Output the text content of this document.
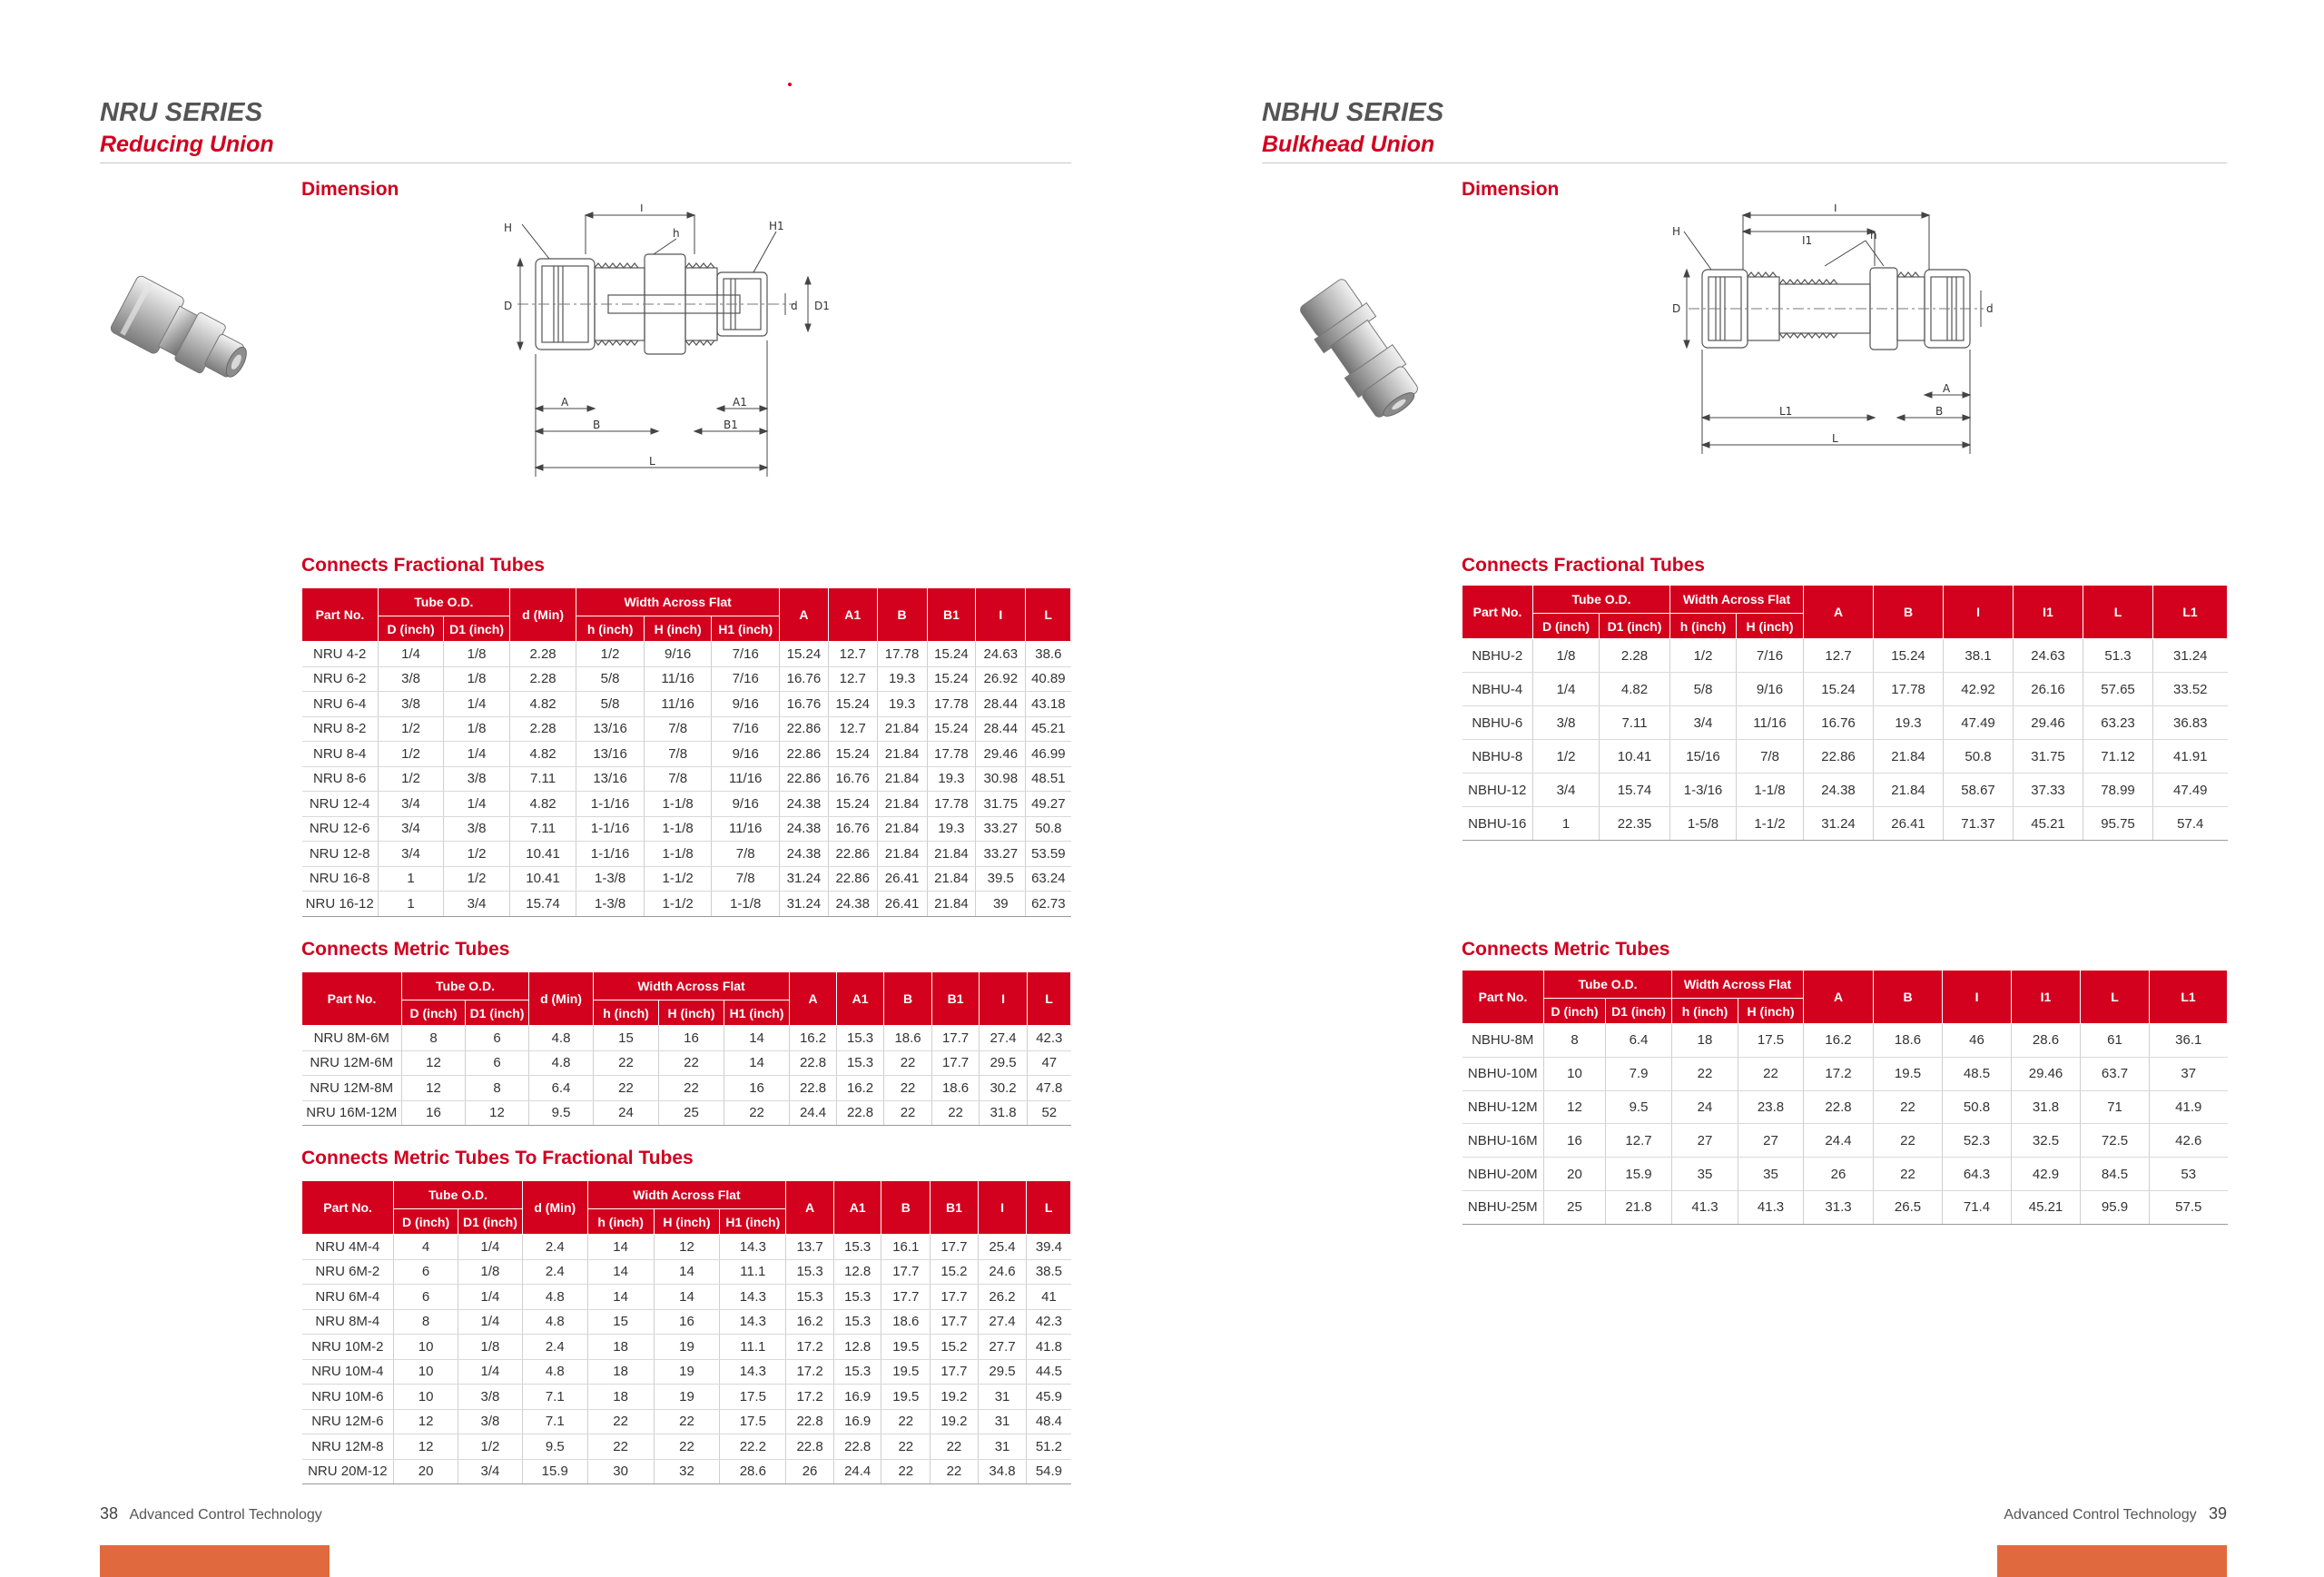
NRU SERIES
Reducing Union
Dimension
H
I
h
H1
D	d D1
A
B
A1
B1
L
Connects Fractional Tubes
Part No.	Tube O.D.		d (Min)	Width Across Flat			A	A1	B	B1	I	L
	D (inch)	D1 (inch)		h (inch)	H (inch)	H1 (inch)						
NRU 4-2	1/4	1/8	2.28	1/2	9/16	7/16	15.24	12.7	17.78	15.24	24.63	38.6
NRU 6-2	3/8	1/8	2.28	5/8	11/16	7/16	16.76	12.7	19.3	15.24	26.92	40.89
NRU 6-4	3/8	1/4	4.82	5/8	11/16	9/16	16.76	15.24	19.3	17.78	28.44	43.18
NRU 8-2	1/2	1/8	2.28	13/16	7/8	7/16	22.86	12.7	21.84	15.24	28.44	45.21
NRU 8-4	1/2	1/4	4.82	13/16	7/8	9/16	22.86	15.24	21.84	17.78	29.46	46.99
NRU 8-6	1/2	3/8	7.11	13/16	7/8	11/16	22.86	16.76	21.84	19.3	30.98	48.51
NRU 12-4	3/4	1/4	4.82	1-1/16	1-1/8	9/16	24.38	15.24	21.84	17.78	31.75	49.27
NRU 12-6	3/4	3/8	7.11	1-1/16	1-1/8	11/16	24.38	16.76	21.84	19.3	33.27	50.8
NRU 12-8	3/4	1/2	10.41	1-1/16	1-1/8	7/8	24.38	22.86	21.84	21.84	33.27	53.59
NRU 16-8	1	1/2	10.41	1-3/8	1-1/2	7/8	31.24	22.86	26.41	21.84	39.5	63.24
NRU 16-12	1	3/4	15.74	1-3/8	1-1/2	1-1/8	31.24	24.38	26.41	21.84	39	62.73
Connects Metric Tubes
Part No.	Tube O.D.		d (Min)	Width Across Flat			A	A1	B	B1	I	L
	D (inch)	D1 (inch)		h (inch)	H (inch)	H1 (inch)						
NRU 8M-6M	8	6	4.8	15	16	14	16.2	15.3	18.6	17.7	27.4	42.3
NRU 12M-6M	12	6	4.8	22	22	14	22.8	15.3	22	17.7	29.5	47
NRU 12M-8M	12	8	6.4	22	22	16	22.8	16.2	22	18.6	30.2	47.8
NRU 16M-12M	16	12	9.5	24	25	22	24.4	22.8	22	22	31.8	52
Connects Metric Tubes To Fractional Tubes
Part No.	Tube O.D.		d (Min)	Width Across Flat			A	A1	B	B1	I	L
	D (inch)	D1 (inch)		h (inch)	H (inch)	H1 (inch)						
NRU 4M-4	4	1/4	2.4	14	12	14.3	13.7	15.3	16.1	17.7	25.4	39.4
NRU 6M-2	6	1/8	2.4	14	14	11.1	15.3	12.8	17.7	15.2	24.6	38.5
NRU 6M-4	6	1/4	4.8	14	14	14.3	15.3	15.3	17.7	17.7	26.2	41
NRU 8M-4	8	1/4	4.8	15	16	14.3	16.2	15.3	18.6	17.7	27.4	42.3
NRU 10M-2	10	1/8	2.4	18	19	11.1	17.2	12.8	19.5	15.2	27.7	41.8
NRU 10M-4	10	1/4	4.8	18	19	14.3	17.2	15.3	19.5	17.7	29.5	44.5
NRU 10M-6	10	3/8	7.1	18	19	17.5	17.2	16.9	19.5	19.2	31	45.9
NRU 12M-6	12	3/8	7.1	22	22	17.5	22.8	16.9	22	19.2	31	48.4
NRU 12M-8	12	1/2	9.5	22	22	22.2	22.8	22.8	22	22	31	51.2
NRU 20M-12	20	3/4	15.9	30	32	28.6	26	24.4	22	22	34.8	54.9
38 Advanced Control Technology
NBHU SERIES
Bulkhead Union
Dimension
H
I
I1	h
D	d
A
B
L1
L
Connects Fractional Tubes
Part No.	Tube O.D.		Width Across Flat		A	B	I	I1	L	L1
	D (inch)	D1 (inch)	h (inch)	H (inch)						
NBHU-2	1/8	2.28	1/2	7/16	12.7	15.24	38.1	24.63	51.3	31.24
NBHU-4	1/4	4.82	5/8	9/16	15.24	17.78	42.92	26.16	57.65	33.52
NBHU-6	3/8	7.11	3/4	11/16	16.76	19.3	47.49	29.46	63.23	36.83
NBHU-8	1/2	10.41	15/16	7/8	22.86	21.84	50.8	31.75	71.12	41.91
NBHU-12	3/4	15.74	1-3/16	1-1/8	24.38	21.84	58.67	37.33	78.99	47.49
NBHU-16	1	22.35	1-5/8	1-1/2	31.24	26.41	71.37	45.21	95.75	57.4
Connects Metric Tubes
Part No.	Tube O.D.		Width Across Flat		A	B	I	I1	L	L1
	D (inch)	D1 (inch)	h (inch)	H (inch)						
NBHU-8M	8	6.4	18	17.5	16.2	18.6	46	28.6	61	36.1
NBHU-10M	10	7.9	22	22	17.2	19.5	48.5	29.46	63.7	37
NBHU-12M	12	9.5	24	23.8	22.8	22	50.8	31.8	71	41.9
NBHU-16M	16	12.7	27	27	24.4	22	52.3	32.5	72.5	42.6
NBHU-20M	20	15.9	35	35	26	22	64.3	42.9	84.5	53
NBHU-25M	25	21.8	41.3	41.3	31.3	26.5	71.4	45.21	95.9	57.5
Advanced Control Technology 39
